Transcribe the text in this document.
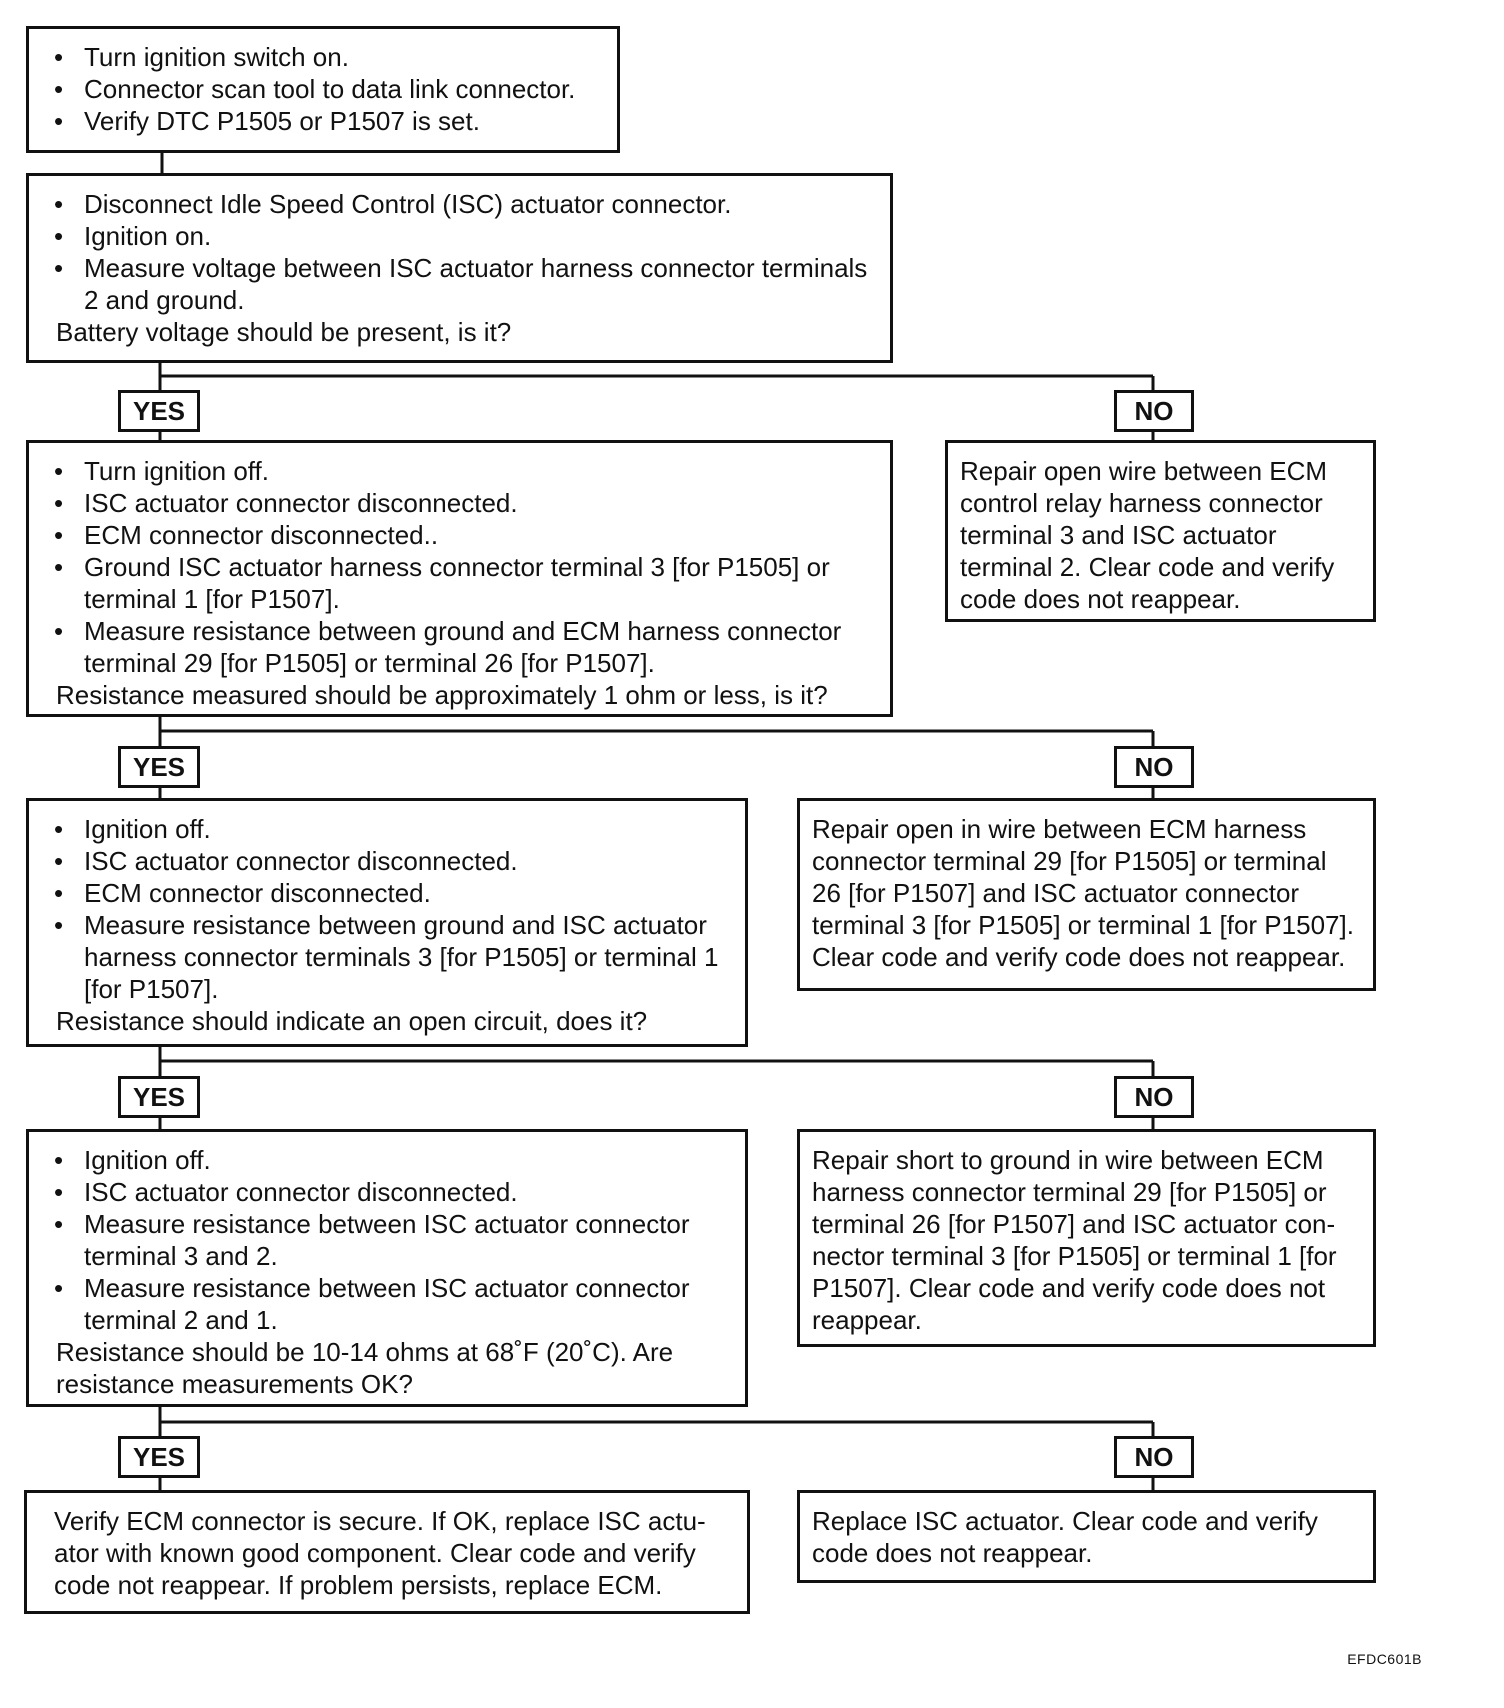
• Turn ignition switch on.
• Connector scan tool to data link connector.
• Verify DTC P1505 or P1507 is set.
• Disconnect Idle Speed Control (ISC) actuator connector.
• Ignition on.
• Measure voltage between ISC actuator harness connector terminals 2 and ground.

Battery voltage should be present, is it?

YES	NO
• Turn ignition off.
• ISC actuator connector disconnected.
• ECM connector disconnected..
• Ground ISC actuator harness connector terminal 3 [for P1505] or terminal 1 [for P1507].
• Measure resistance between ground and ECM harness connector terminal 29 [for P1505] or terminal 26 [for P1507].

Resistance measured should be approximately 1 ohm or less, is it?

Repair open wire between ECM control relay harness connector terminal 3 and ISC actuator terminal 2. Clear code and verify code does not reappear.

YES	NO
• Ignition off.
• ISC actuator connector disconnected.
• ECM connector disconnected.
• Measure resistance between ground and ISC actuator harness connector terminals 3 [for P1505] or terminal 1 [for P1507].

Resistance should indicate an open circuit, does it?

Repair open in wire between ECM harness connector terminal 29 [for P1505] or terminal 26 [for P1507] and ISC actuator connector terminal 3 [for P1505] or terminal 1 [for P1507]. Clear code and verify code does not reappear.

YES	NO
• Ignition off.
• ISC actuator connector disconnected.
• Measure resistance between ISC actuator connector terminal 3 and 2.
• Measure resistance between ISC actuator connector terminal 2 and 1.

Resistance should be 10-14 ohms at 68˚F (20˚C). Are resistance measurements OK?

Repair short to ground in wire between ECM harness connector terminal 29 [for P1505] or terminal 26 [for P1507] and ISC actuator con-nector terminal 3 [for P1505] or terminal 1 [for P1507]. Clear code and verify code does not reappear.

YES	NO

Verify ECM connector is secure. If OK, replace ISC actu-ator with known good component. Clear code and verify code not reappear. If problem persists, replace ECM.

Replace ISC actuator. Clear code and verify code does not reappear.

EFDC601B
